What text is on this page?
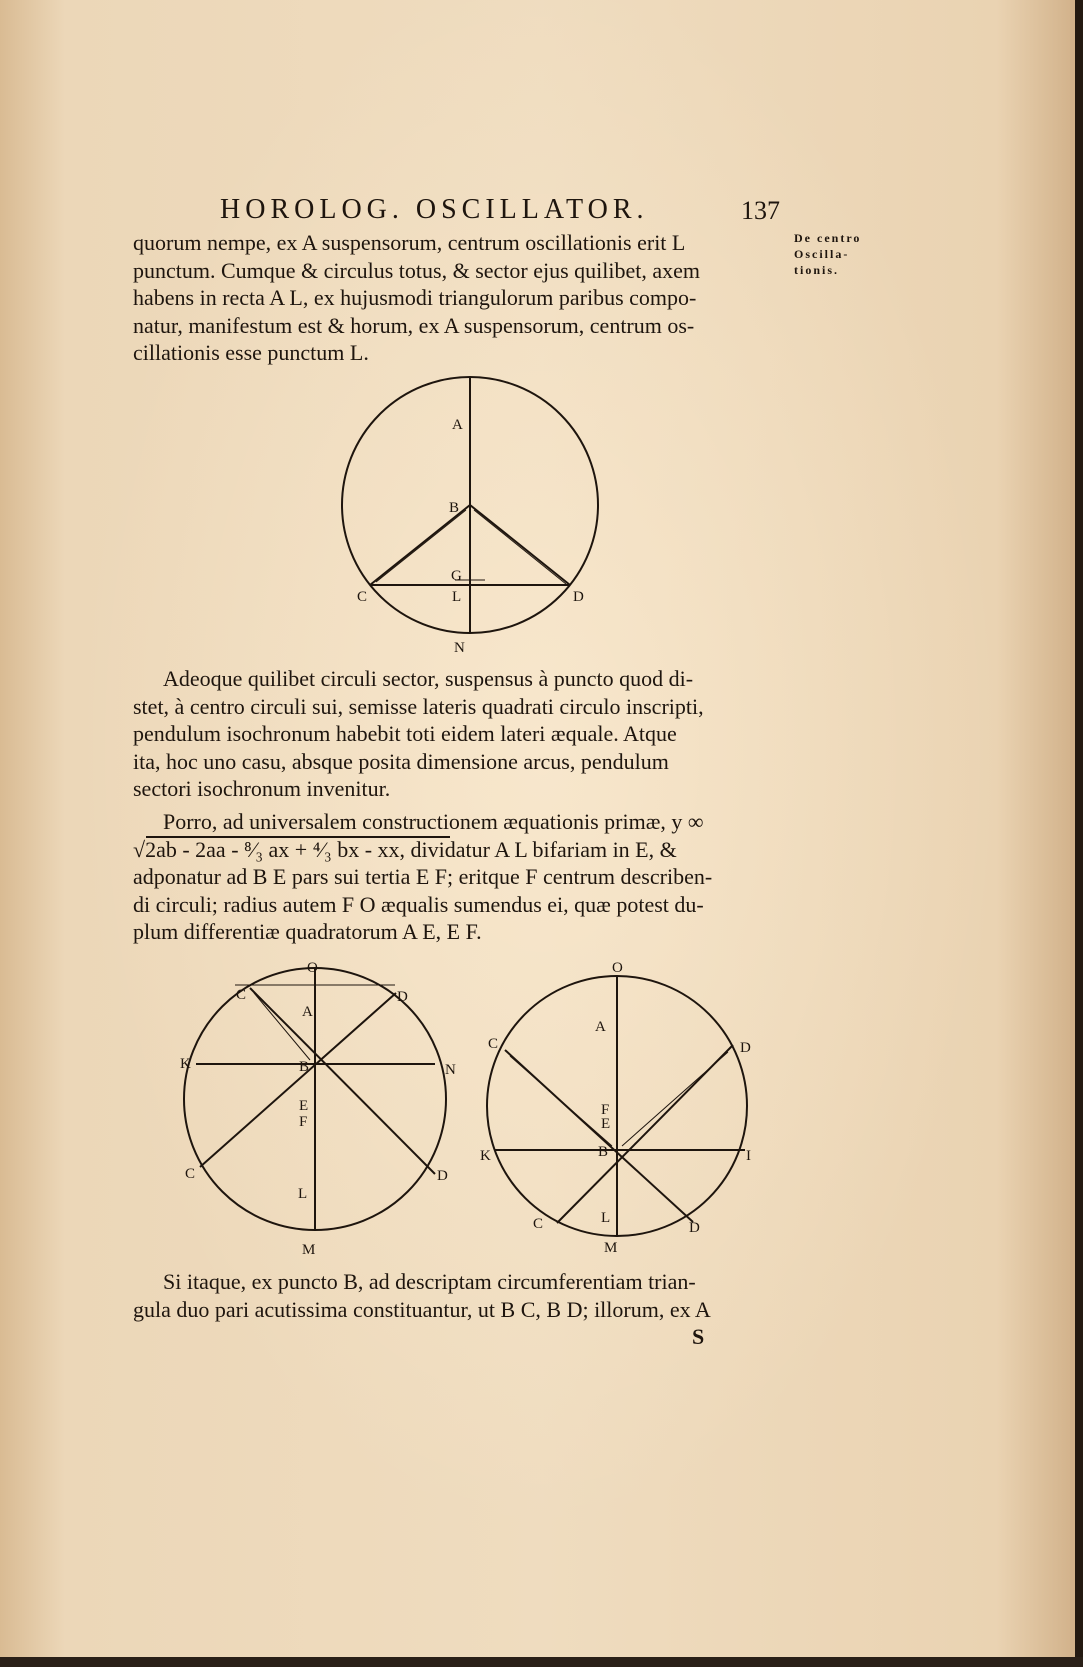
HOROLOG. OSCILLATOR.	137
De centro
Oscilla-
tionis.
quorum nempe, ex A suspensorum, centrum oscillationis erit L
punctum. Cumque & circulus totus, & sector ejus quilibet, axem
habens in recta A L, ex hujusmodi triangulorum paribus compo-
natur, manifestum est & horum, ex A suspensorum, centrum os-
cillationis esse punctum L.
A
B
G
C	L	D
N
Adeoque quilibet circuli sector, suspensus à puncto quod di-
stet, à centro circuli sui, semisse lateris quadrati circulo inscripti,
pendulum isochronum habebit toti eidem lateri æquale. Atque
ita, hoc uno casu, absque posita dimensione arcus, pendulum
sectori isochronum invenitur.
Porro, ad universalem constructionem æquationis primæ, y ∞
√2ab - 2aa - ⁸⁄₃ ax + ⁴⁄₃ bx - xx, dividatur A L bifariam in E, &
adponatur ad B E pars sui tertia E F; eritque F centrum describen-
di circuli; radius autem F O æqualis sumendus ei, quæ potest du-
plum differentiæ quadratorum A E, E F.
O
C	D
A
K	B	N
E
F
C	D
L
M
O
A
C	D
F
E
K	B	I
L
C	D
M
Si itaque, ex puncto B, ad descriptam circumferentiam trian-
gula duo pari acutissima constituantur, ut B C, B D; illorum, ex A
S
